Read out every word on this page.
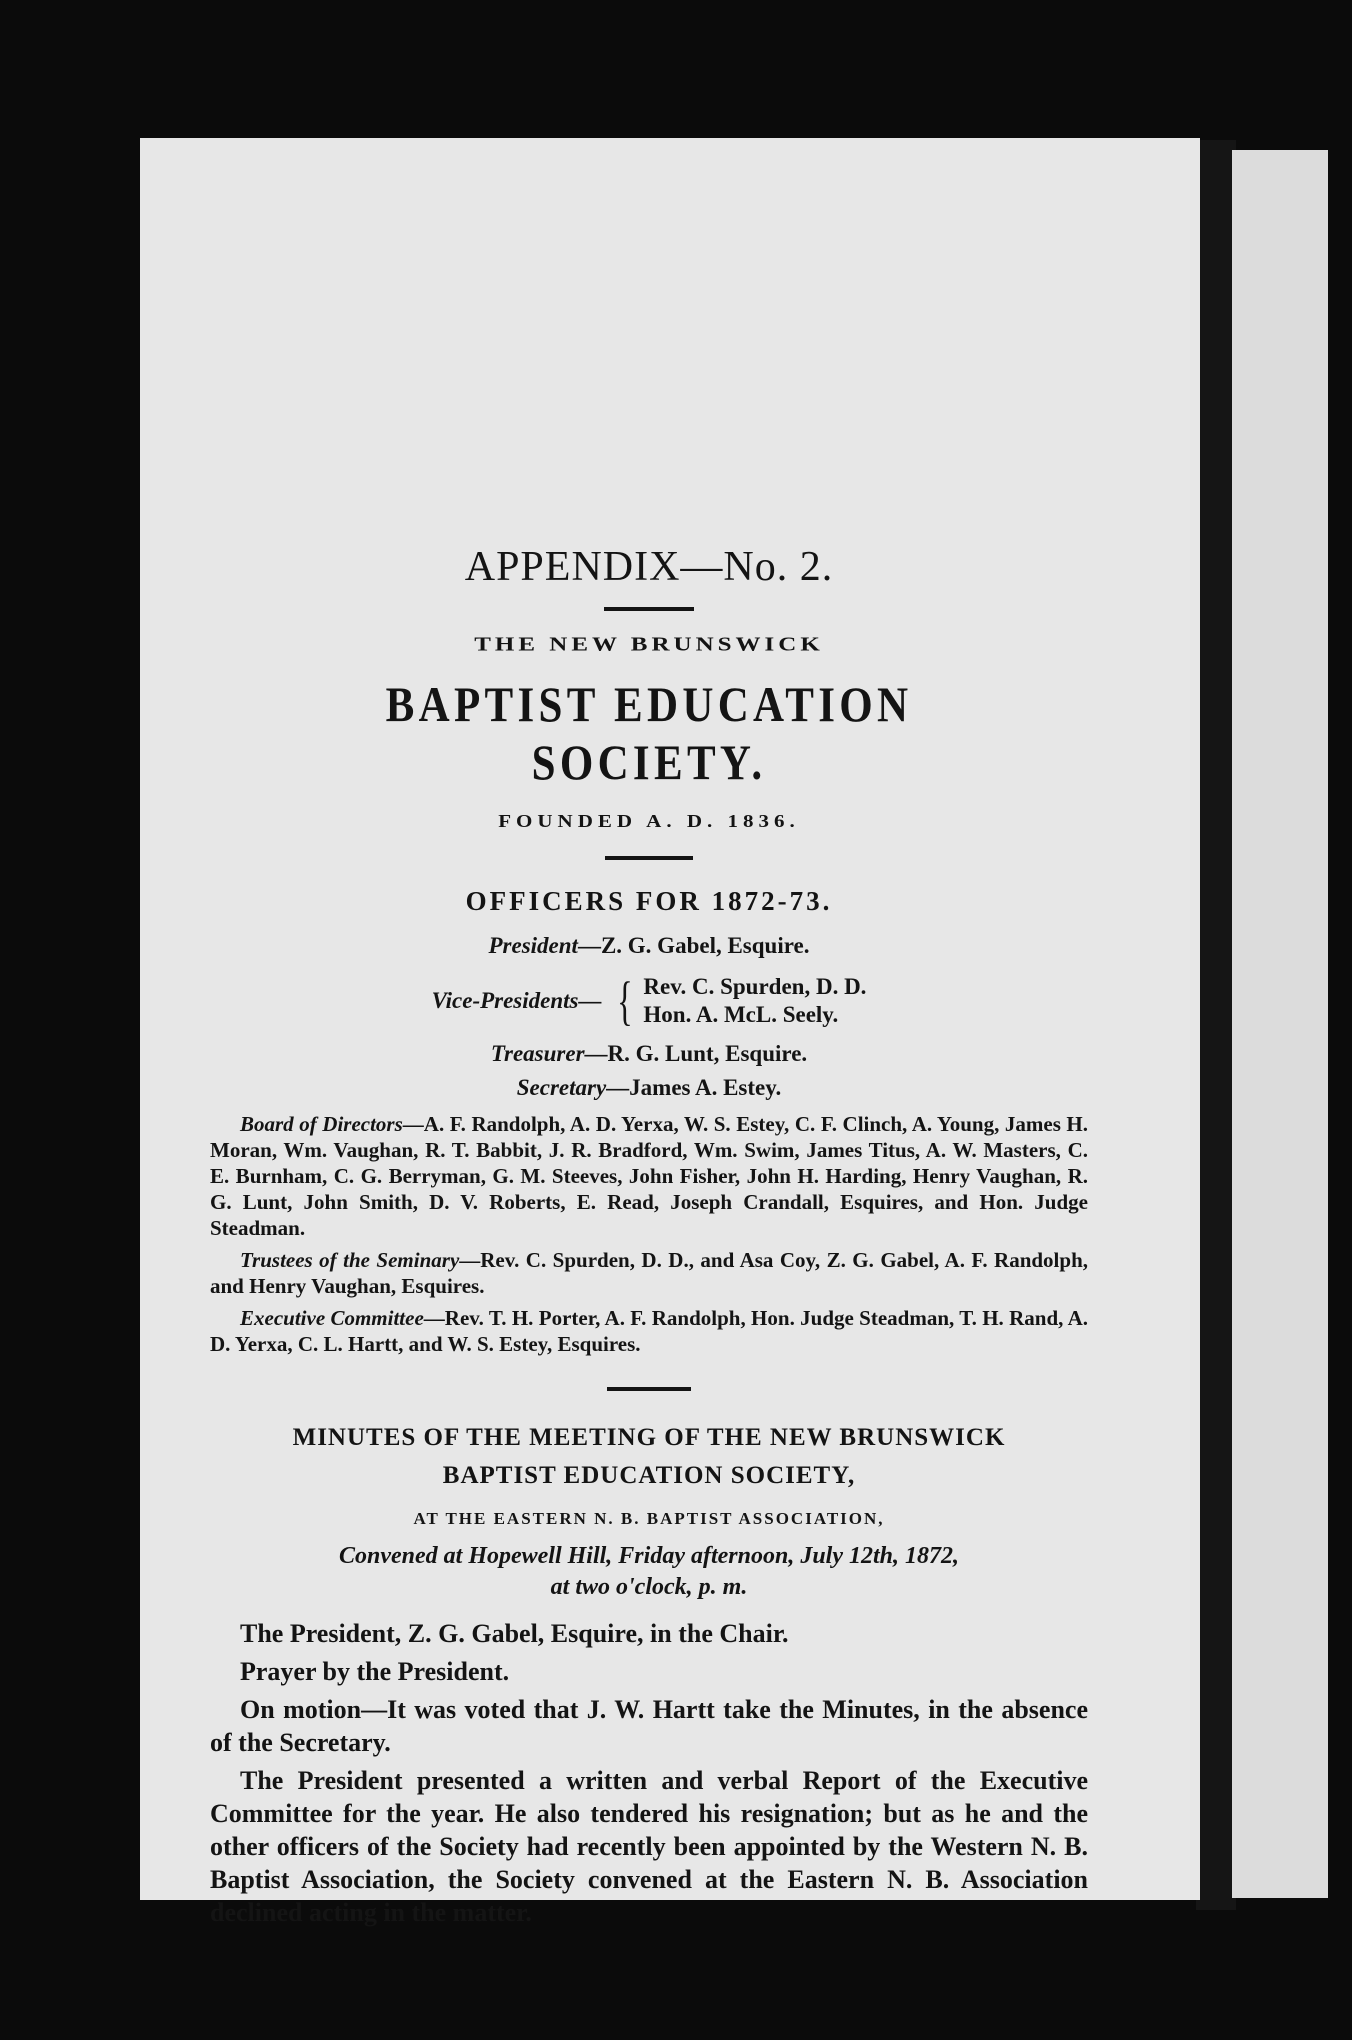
APPENDIX—No. 2.
THE NEW BRUNSWICK
BAPTIST EDUCATION SOCIETY.
FOUNDED A. D. 1836.
OFFICERS FOR 1872-73.
President—Z. G. Gabel, Esquire.
Vice-Presidents— { Rev. C. Spurden, D. D.
Hon. A. McL. Seely.
Treasurer—R. G. Lunt, Esquire.
Secretary—James A. Estey.
Board of Directors—A. F. Randolph, A. D. Yerxa, W. S. Estey, C. F. Clinch, A. Young, James H. Moran, Wm. Vaughan, R. T. Babbit, J. R. Bradford, Wm. Swim, James Titus, A. W. Masters, C. E. Burnham, C. G. Berryman, G. M. Steeves, John Fisher, John H. Harding, Henry Vaughan, R. G. Lunt, John Smith, D. V. Roberts, E. Read, Joseph Crandall, Esquires, and Hon. Judge Steadman.
Trustees of the Seminary—Rev. C. Spurden, D. D., and Asa Coy, Z. G. Gabel, A. F. Randolph, and Henry Vaughan, Esquires.
Executive Committee—Rev. T. H. Porter, A. F. Randolph, Hon. Judge Steadman, T. H. Rand, A. D. Yerxa, C. L. Hartt, and W. S. Estey, Esquires.
MINUTES OF THE MEETING OF THE NEW BRUNSWICK
BAPTIST EDUCATION SOCIETY,
AT THE EASTERN N. B. BAPTIST ASSOCIATION,
Convened at Hopewell Hill, Friday afternoon, July 12th, 1872,
at two o'clock, p. m.
The President, Z. G. Gabel, Esquire, in the Chair.
Prayer by the President.
On motion—It was voted that J. W. Hartt take the Minutes, in the absence of the Secretary.
The President presented a written and verbal Report of the Executive Committee for the year. He also tendered his resignation; but as he and the other officers of the Society had recently been appointed by the Western N. B. Baptist Association, the Society convened at the Eastern N. B. Association declined acting in the matter.
